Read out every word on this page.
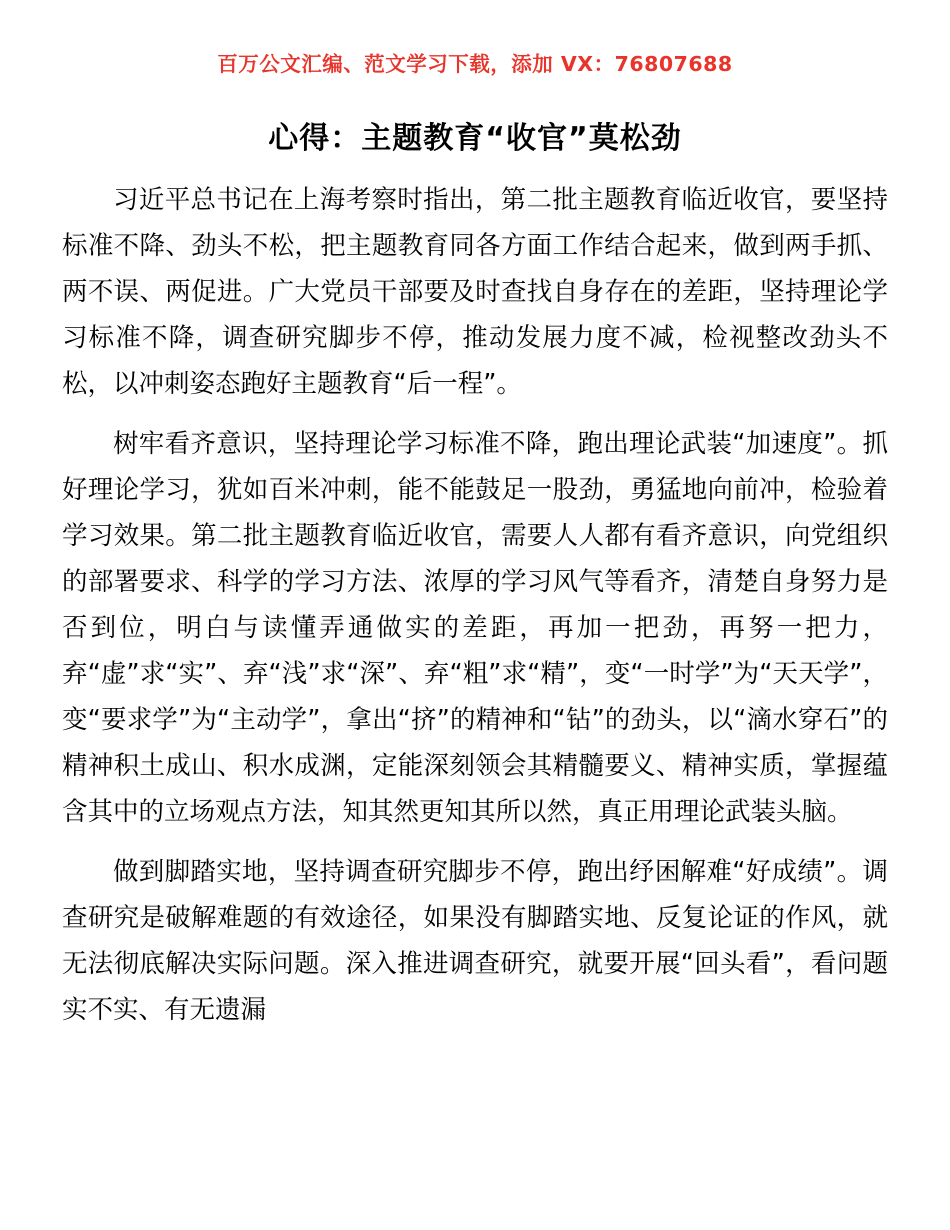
百万公文汇编、范文学习下载，添加 VX：76807688
心得：主题教育“收官”莫松劲

习近平总书记在上海考察时指出，第二批主题教育临近收官，要坚持标准不降、劲头不松，把主题教育同各方面工作结合起来，做到两手抓、两不误、两促进。广大党员干部要及时查找自身存在的差距，坚持理论学习标准不降，调查研究脚步不停，推动发展力度不减，检视整改劲头不松，以冲刺姿态跑好主题教育“后一程”。

树牢看齐意识，坚持理论学习标准不降，跑出理论武装“加速度”。抓好理论学习，犹如百米冲刺，能不能鼓足一股劲，勇猛地向前冲，检验着学习效果。第二批主题教育临近收官，需要人人都有看齐意识，向党组织的部署要求、科学的学习方法、浓厚的学习风气等看齐，清楚自身努力是否到位，明白与读懂弄通做实的差距，再加一把劲，再努一把力，弃“虚”求“实”、弃“浅”求“深”、弃“粗”求“精”，变“一时学”为“天天学”，变“要求学”为“主动学”，拿出“挤”的精神和“钻”的劲头，以“滴水穿石”的精神积土成山、积水成渊，定能深刻领会其精髓要义、精神实质，掌握蕴含其中的立场观点方法，知其然更知其所以然，真正用理论武装头脑。

做到脚踏实地，坚持调查研究脚步不停，跑出纾困解难“好成绩”。调查研究是破解难题的有效途径，如果没有脚踏实地、反复论证的作风，就无法彻底解决实际问题。深入推进调查研究，就要开展“回头看”，看问题实不实、有无遗漏
